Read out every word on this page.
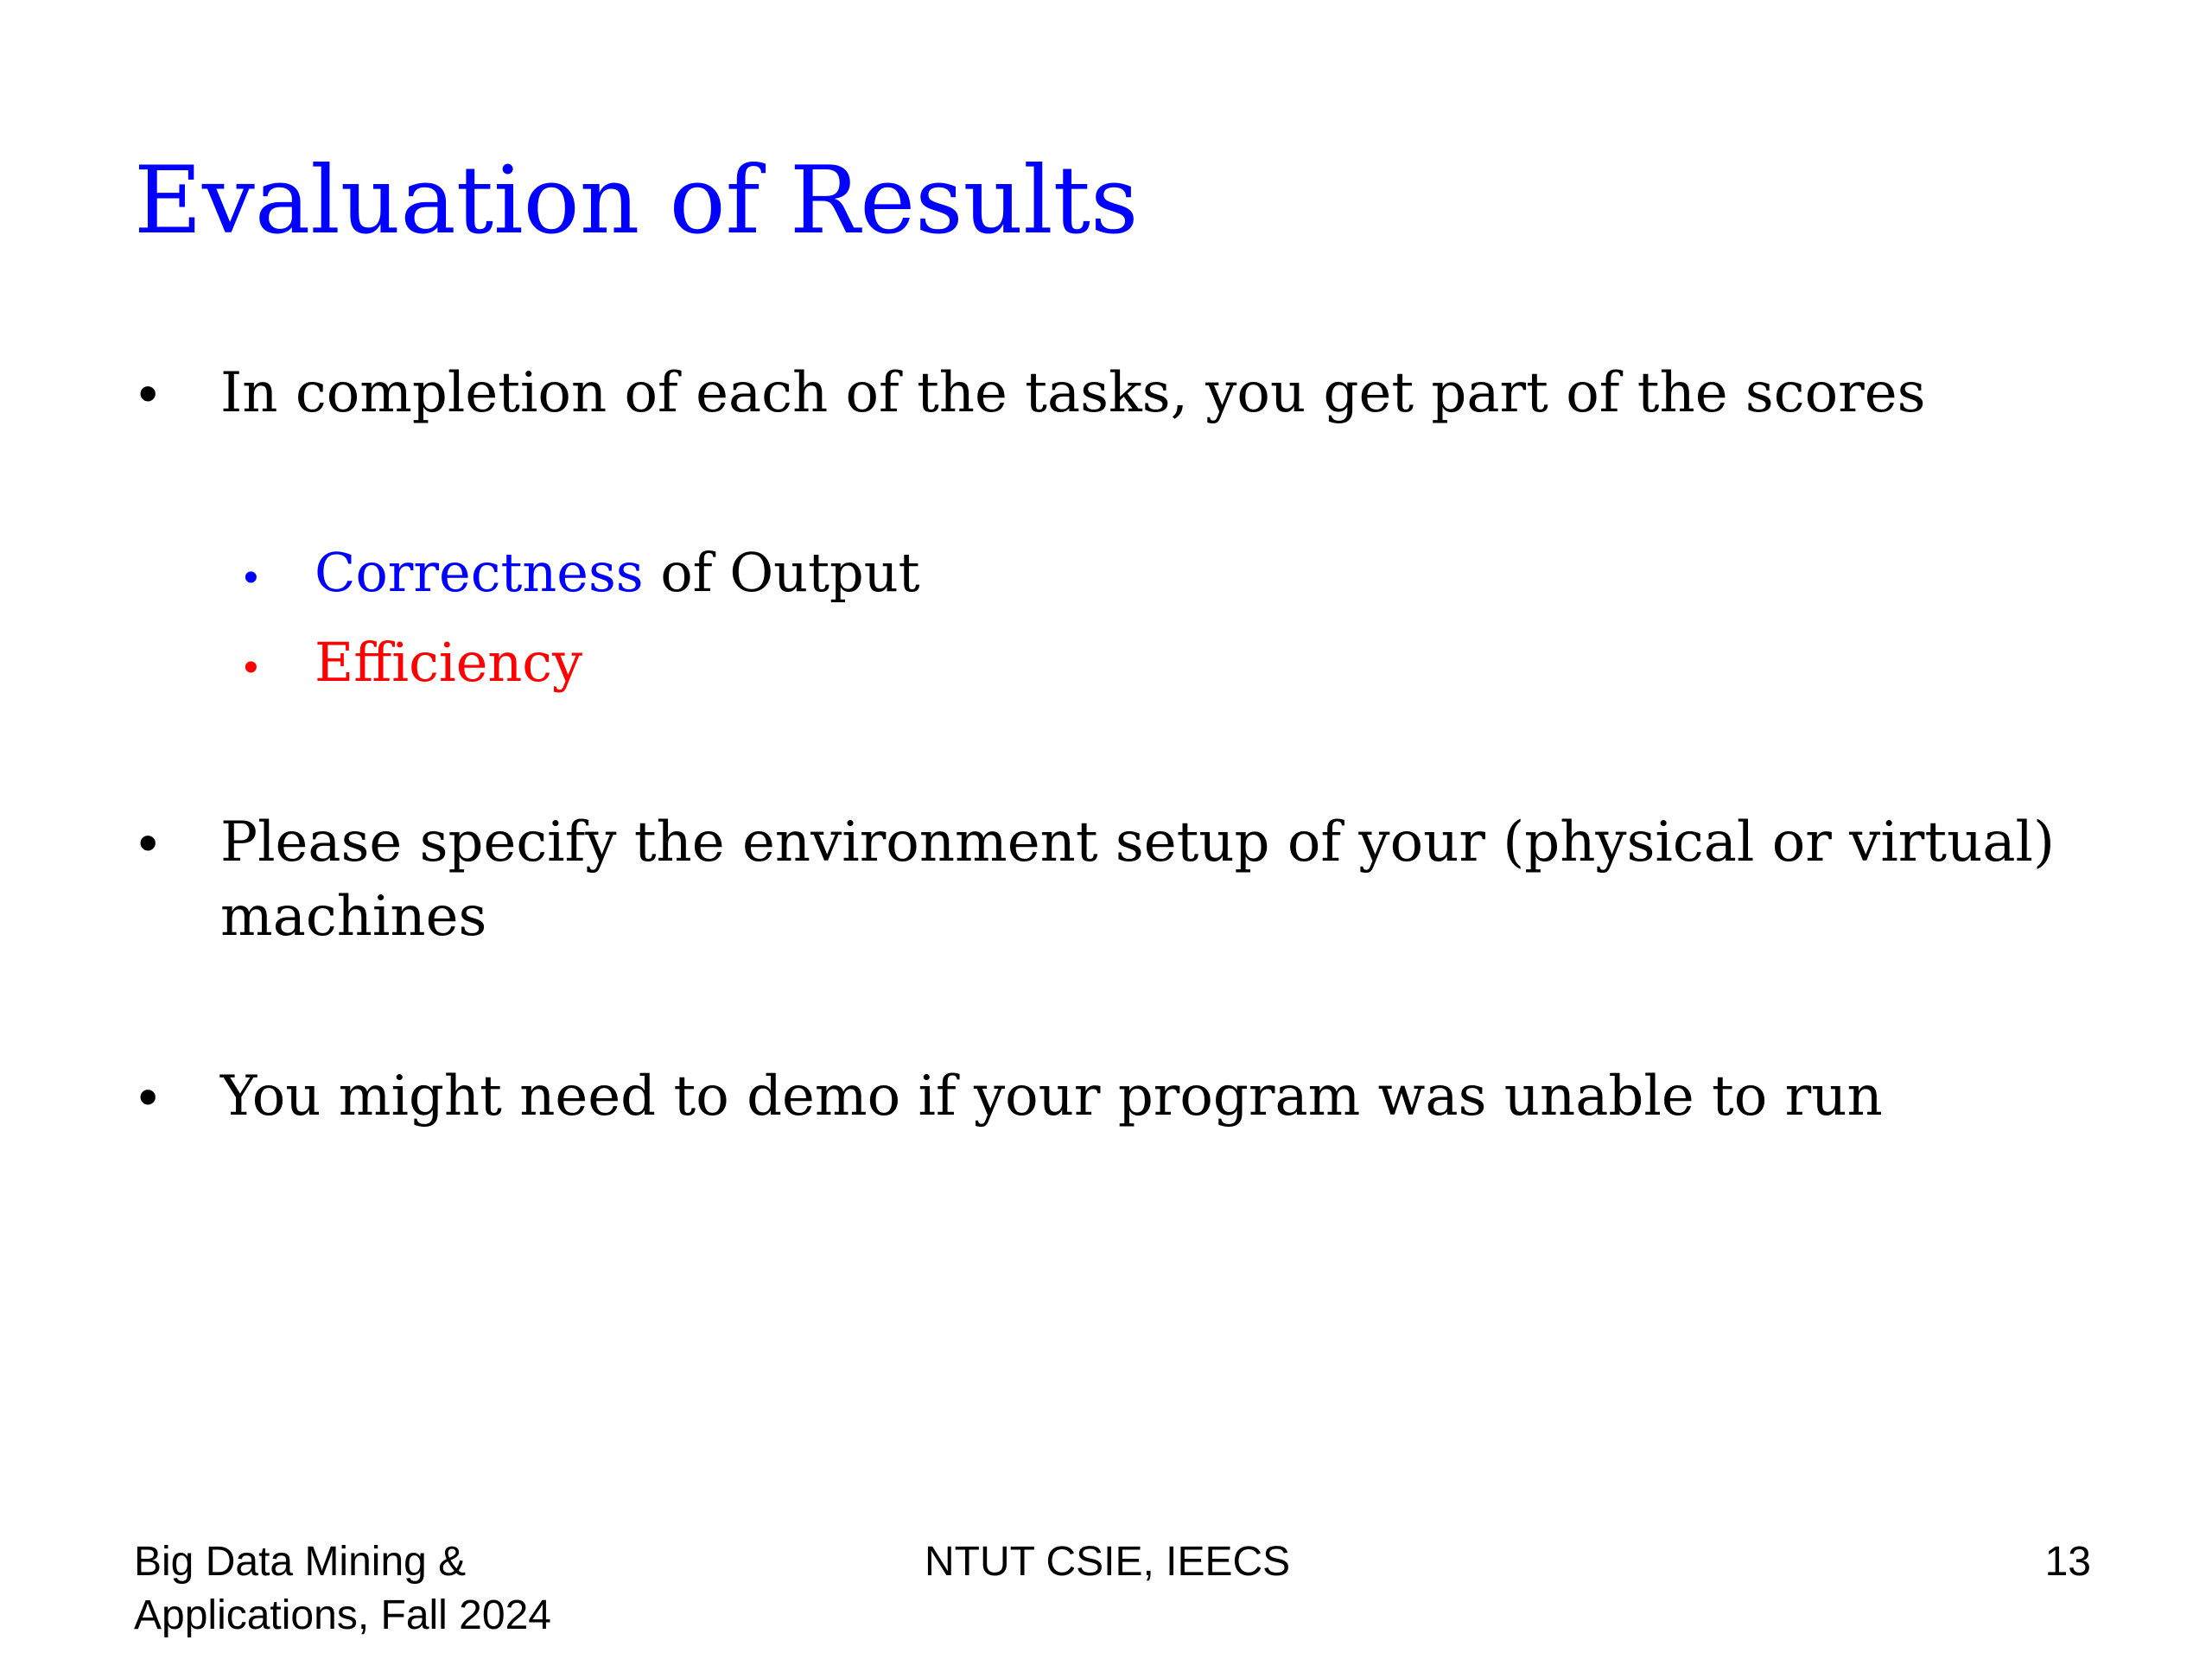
Evaluation of Results
• In completion of each of the tasks, you get part of the scores
• Correctness of Output
• Efficiency
• Please specify the environment setup of your (physical or virtual)
machines
• You might need to demo if your program was unable to run
Big Data Mining &
Applications, Fall 2024
NTUT CSIE, IEECS	13
